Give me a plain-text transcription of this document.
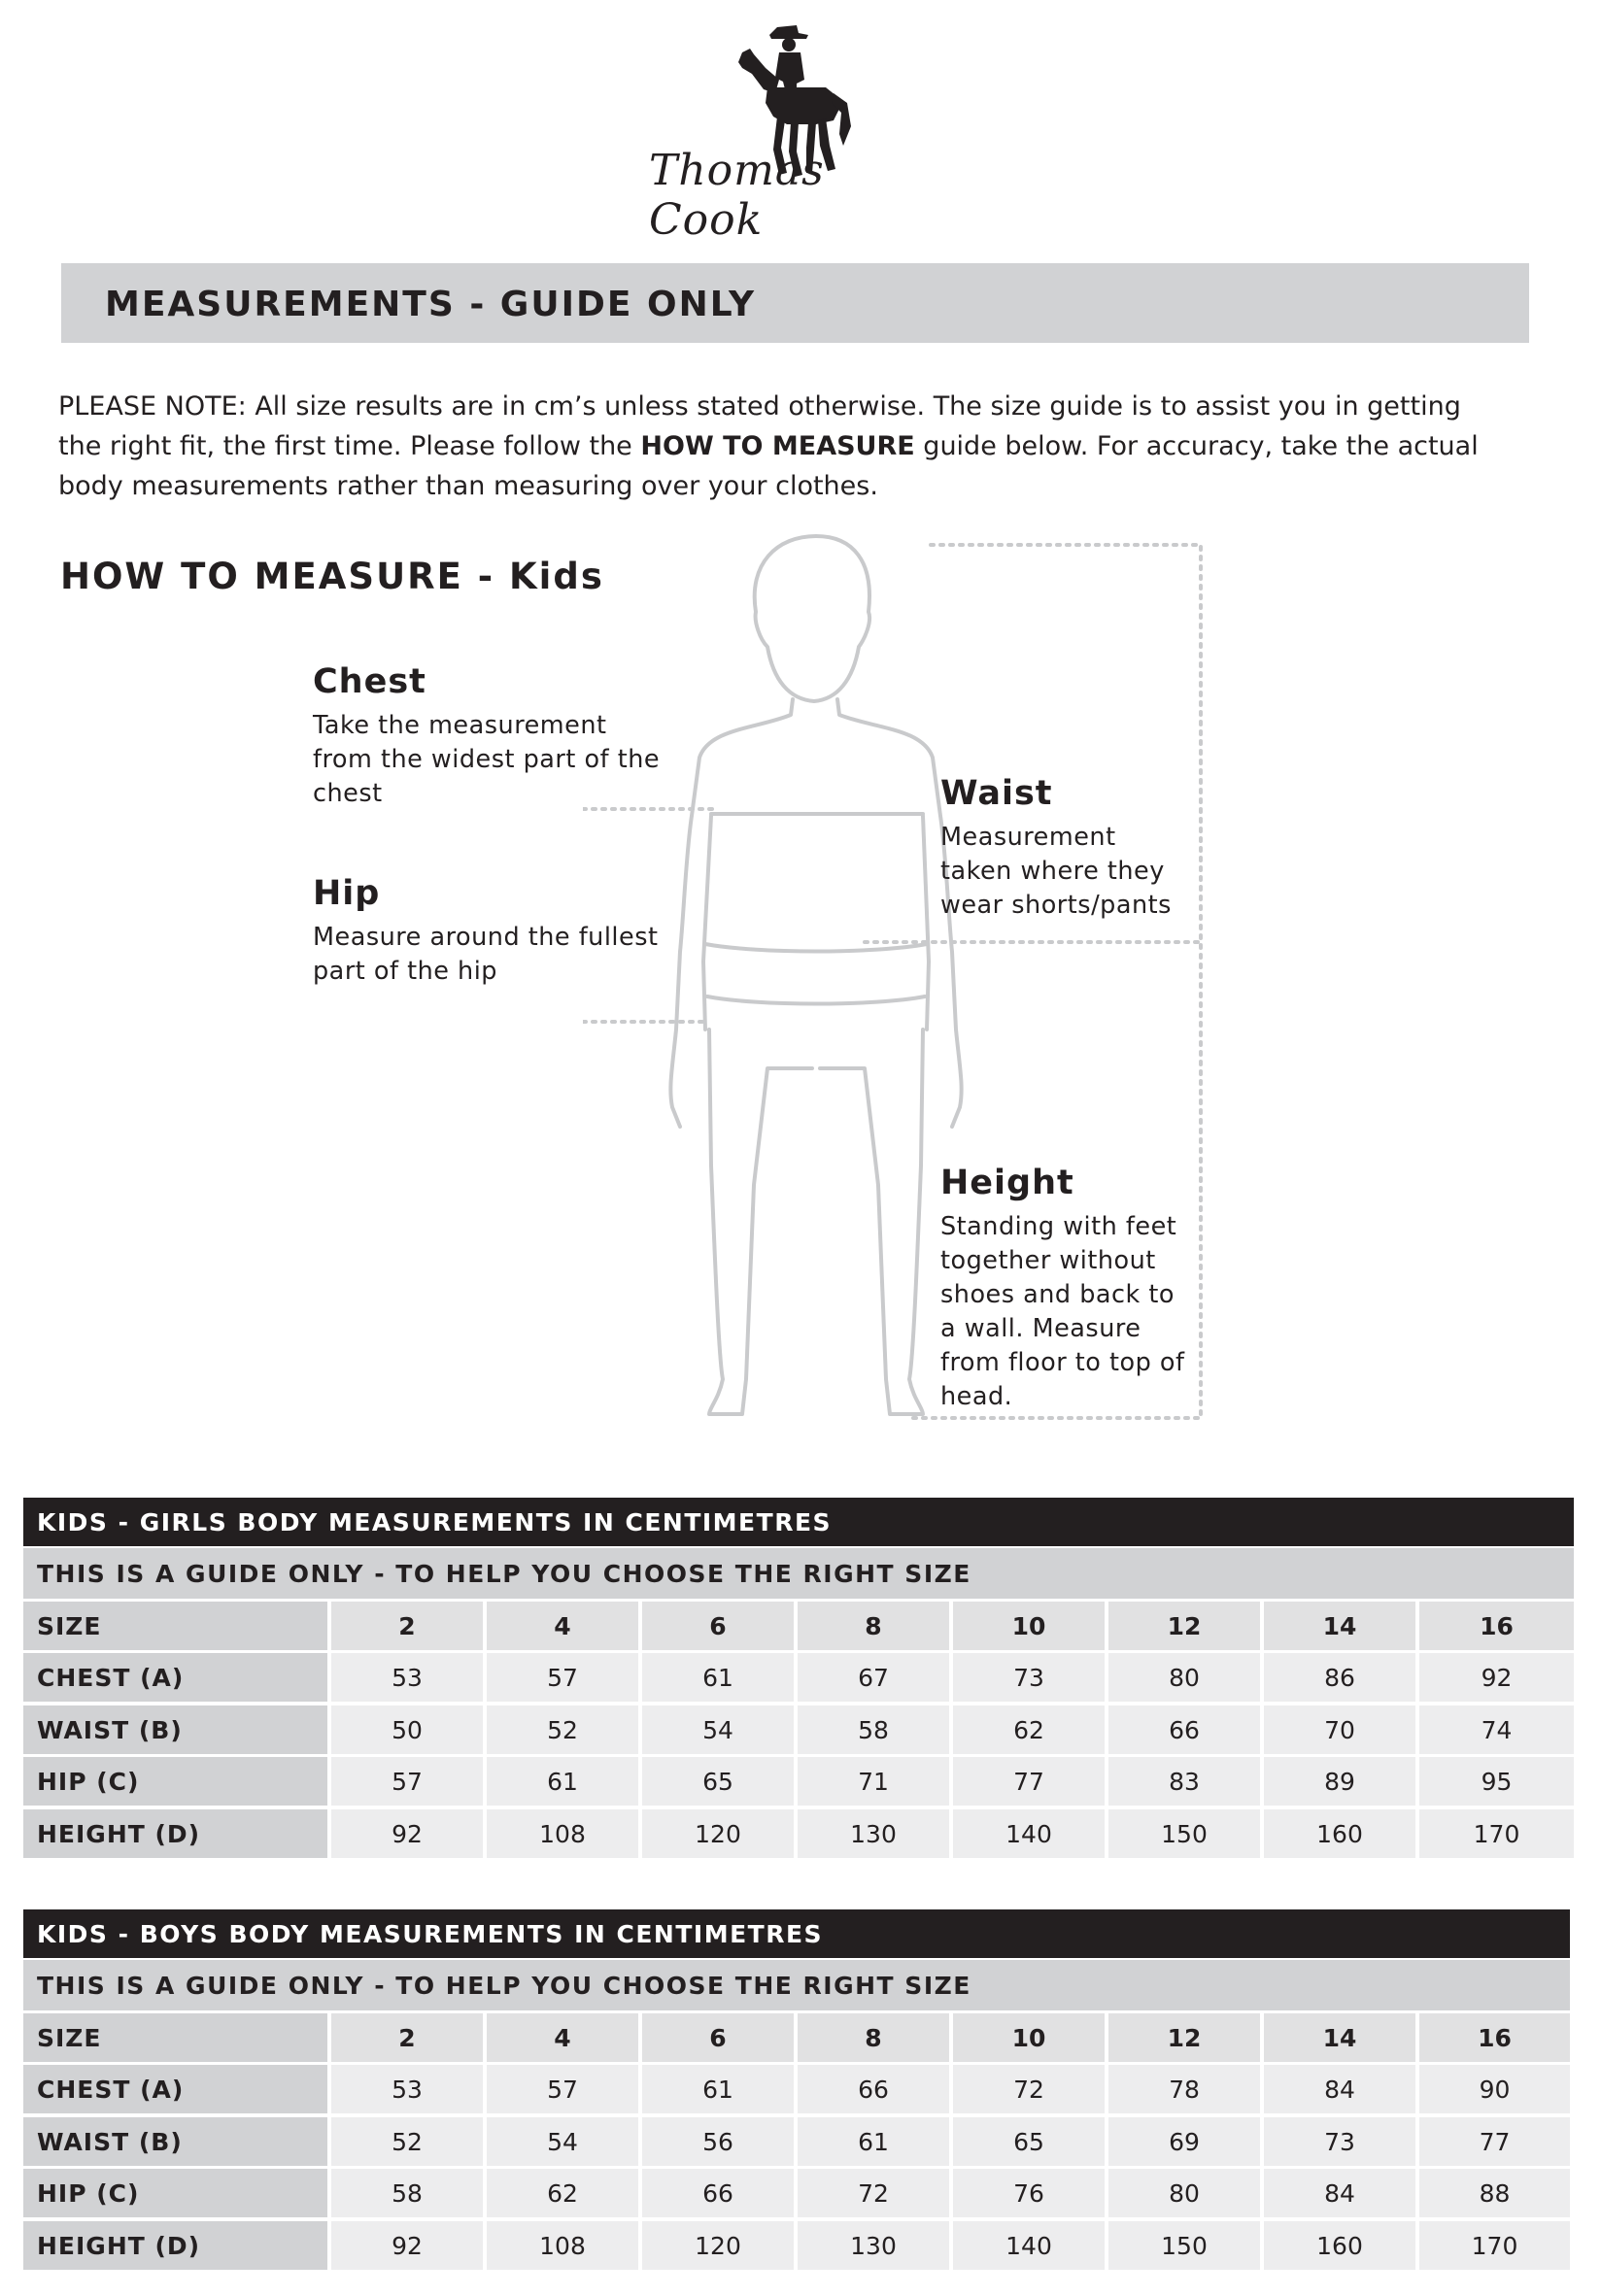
Thomas Cook
MEASUREMENTS - GUIDE ONLY
PLEASE NOTE: All size results are in cm’s unless stated otherwise. The size guide is to assist you in getting the right fit, the first time. Please follow the HOW TO MEASURE guide below. For accuracy, take the actual body measurements rather than measuring over your clothes.
HOW TO MEASURE - Kids
Chest
Take the measurement from the widest part of the chest
Hip
Measure around the fullest part of the hip
Waist
Measurement taken where they wear shorts/pants
Height
Standing with feet together without shoes and back to a wall. Measure from floor to top of head.
KIDS - GIRLS BODY MEASUREMENTS IN CENTIMETRES
THIS IS A GUIDE ONLY - TO HELP YOU CHOOSE THE RIGHT SIZE
SIZE	2	4	6	8	10	12	14	16
CHEST (A)	53	57	61	67	73	80	86	92
WAIST (B)	50	52	54	58	62	66	70	74
HIP (C)	57	61	65	71	77	83	89	95
HEIGHT (D)	92	108	120	130	140	150	160	170
KIDS - BOYS BODY MEASUREMENTS IN CENTIMETRES
THIS IS A GUIDE ONLY - TO HELP YOU CHOOSE THE RIGHT SIZE
SIZE	2	4	6	8	10	12	14	16
CHEST (A)	53	57	61	66	72	78	84	90
WAIST (B)	52	54	56	61	65	69	73	77
HIP (C)	58	62	66	72	76	80	84	88
HEIGHT (D)	92	108	120	130	140	150	160	170
